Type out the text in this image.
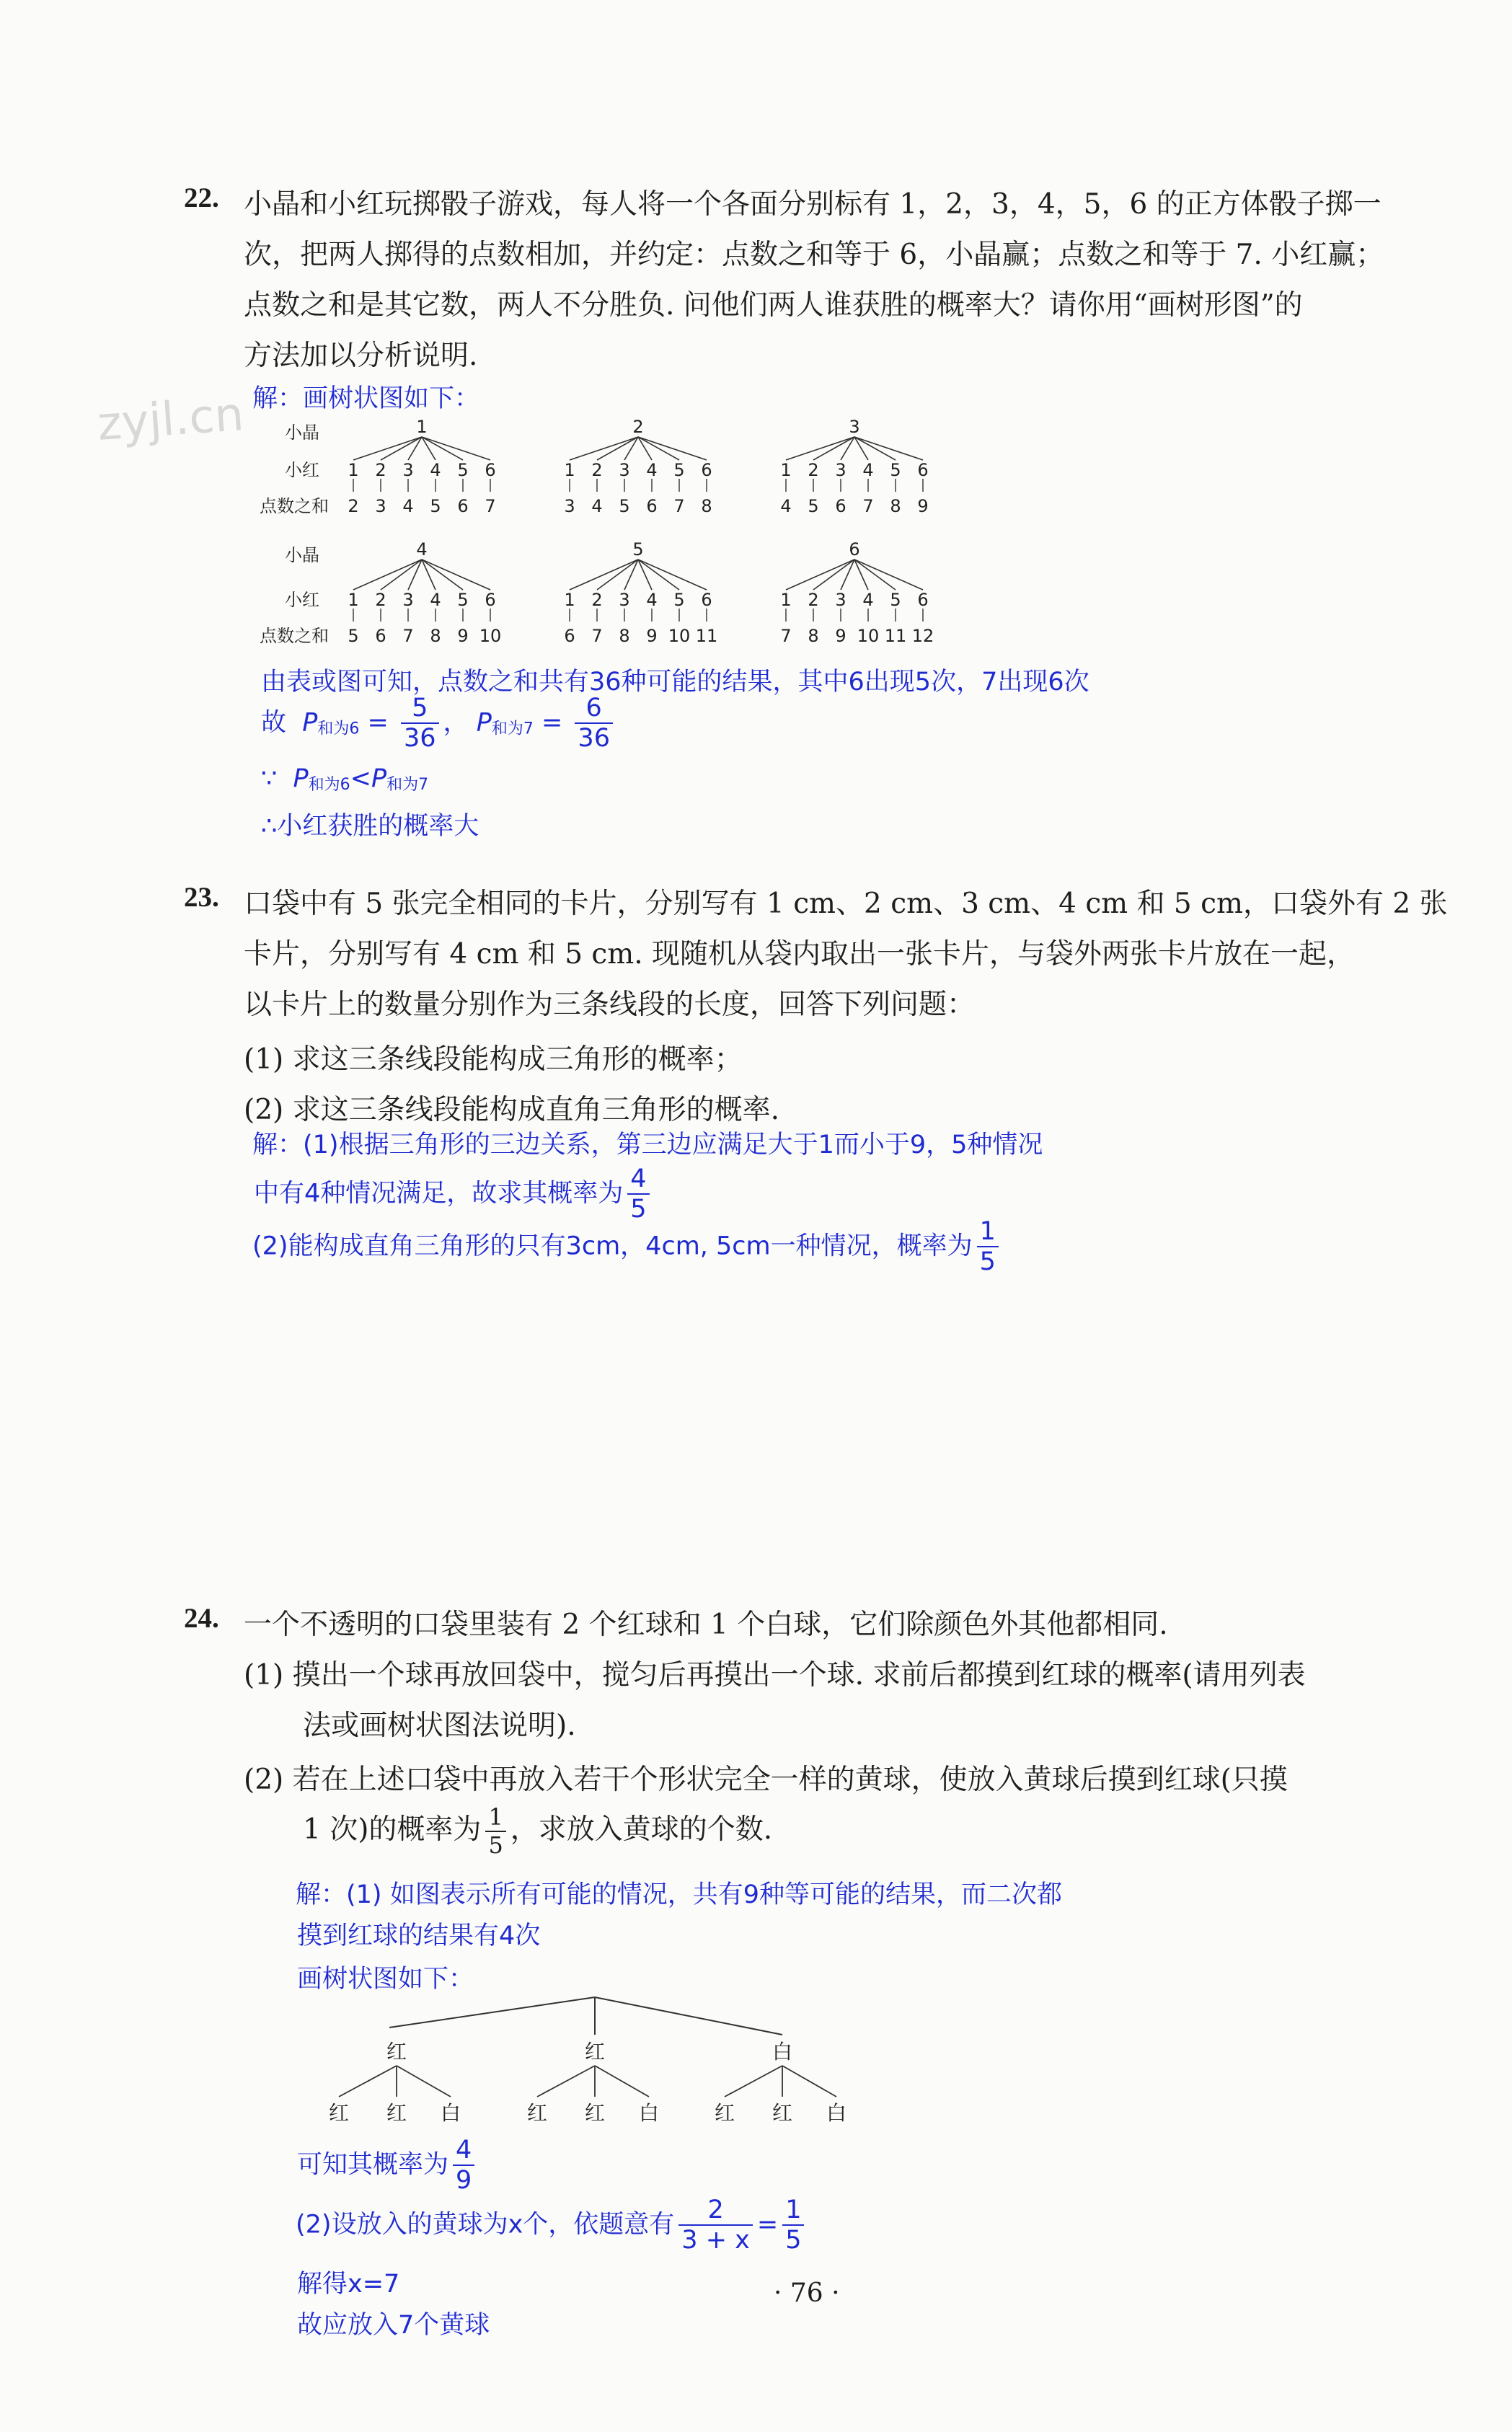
zyjl.cn
22. 小晶和小红玩掷骰子游戏，每人将一个各面分别标有 1，2，3，4，5，6 的正方体骰子掷一
次，把两人掷得的点数相加，并约定：点数之和等于 6，小晶赢；点数之和等于 7. 小红赢；
点数之和是其它数，两人不分胜负. 问他们两人谁获胜的概率大？请你用“画树形图”的
方法加以分析说明.
解：画树状图如下：
1
1
2
2
3
3
4
4
5
5
6
6
7
2
1
3
2
4
3
5
4
6
5
7
6
8
3
1
4
2
5
3
6
4
7
5
8
6
9
4
1
5
2
6
3
7
4
8
5
9
6
10
5
1
6
2
7
3
8
4
9
5
10
6
11
6
1
7
2
8
3
9
4
10
5
11
6
12
小晶
小红
点数之和
小晶
小红
点数之和
由表或图可知，点数之和共有36种可能的结果，其中6出现5次，7出现6次
故 P和为$6 = \frac{5}{36}$ ， P和为$7 = \frac{6}{36}$
∵ P和为6<P和为7
∴小红获胜的概率大
23. 口袋中有 5 张完全相同的卡片，分别写有 1 cm、2 cm、3 cm、4 cm 和 5 cm，口袋外有 2 张
卡片，分别写有 4 cm 和 5 cm. 现随机从袋内取出一张卡片，与袋外两张卡片放在一起，
以卡片上的数量分别作为三条线段的长度，回答下列问题：
(1) 求这三条线段能构成三角形的概率；
(2) 求这三条线段能构成直角三角形的概率.
解：(1)根据三角形的三边关系，第三边应满足大于1而小于9，5种情况
中有4种情况满足，故求其概率为 $\frac{4}{5}$
(2)能构成直角三角形的只有3cm，4cm, 5cm一种情况，概率为 $\frac{1}{5}$
24. 一个不透明的口袋里装有 2 个红球和 1 个白球，它们除颜色外其他都相同.
(1) 摸出一个球再放回袋中，搅匀后再摸出一个球. 求前后都摸到红球的概率(请用列表
法或画树状图法说明).
(2) 若在上述口袋中再放入若干个形状完全一样的黄球，使放入黄球后摸到红球(只摸
1 次)的概率为 $\frac{1}{5}$ ，求放入黄球的个数.
解：(1) 如图表示所有可能的情况，共有9种等可能的结果，而二次都
摸到红球的结果有4次
画树状图如下：
红
红 红 白
红
红 红 白
白
红 红 白
可知其概率为 $\frac{4}{9}$
(2)设放入的黄球为x个，依题意有 $\frac{2}{3 + x} = \frac{1}{5}$
解得x=7
故应放入7个黄球
· 76 ·
